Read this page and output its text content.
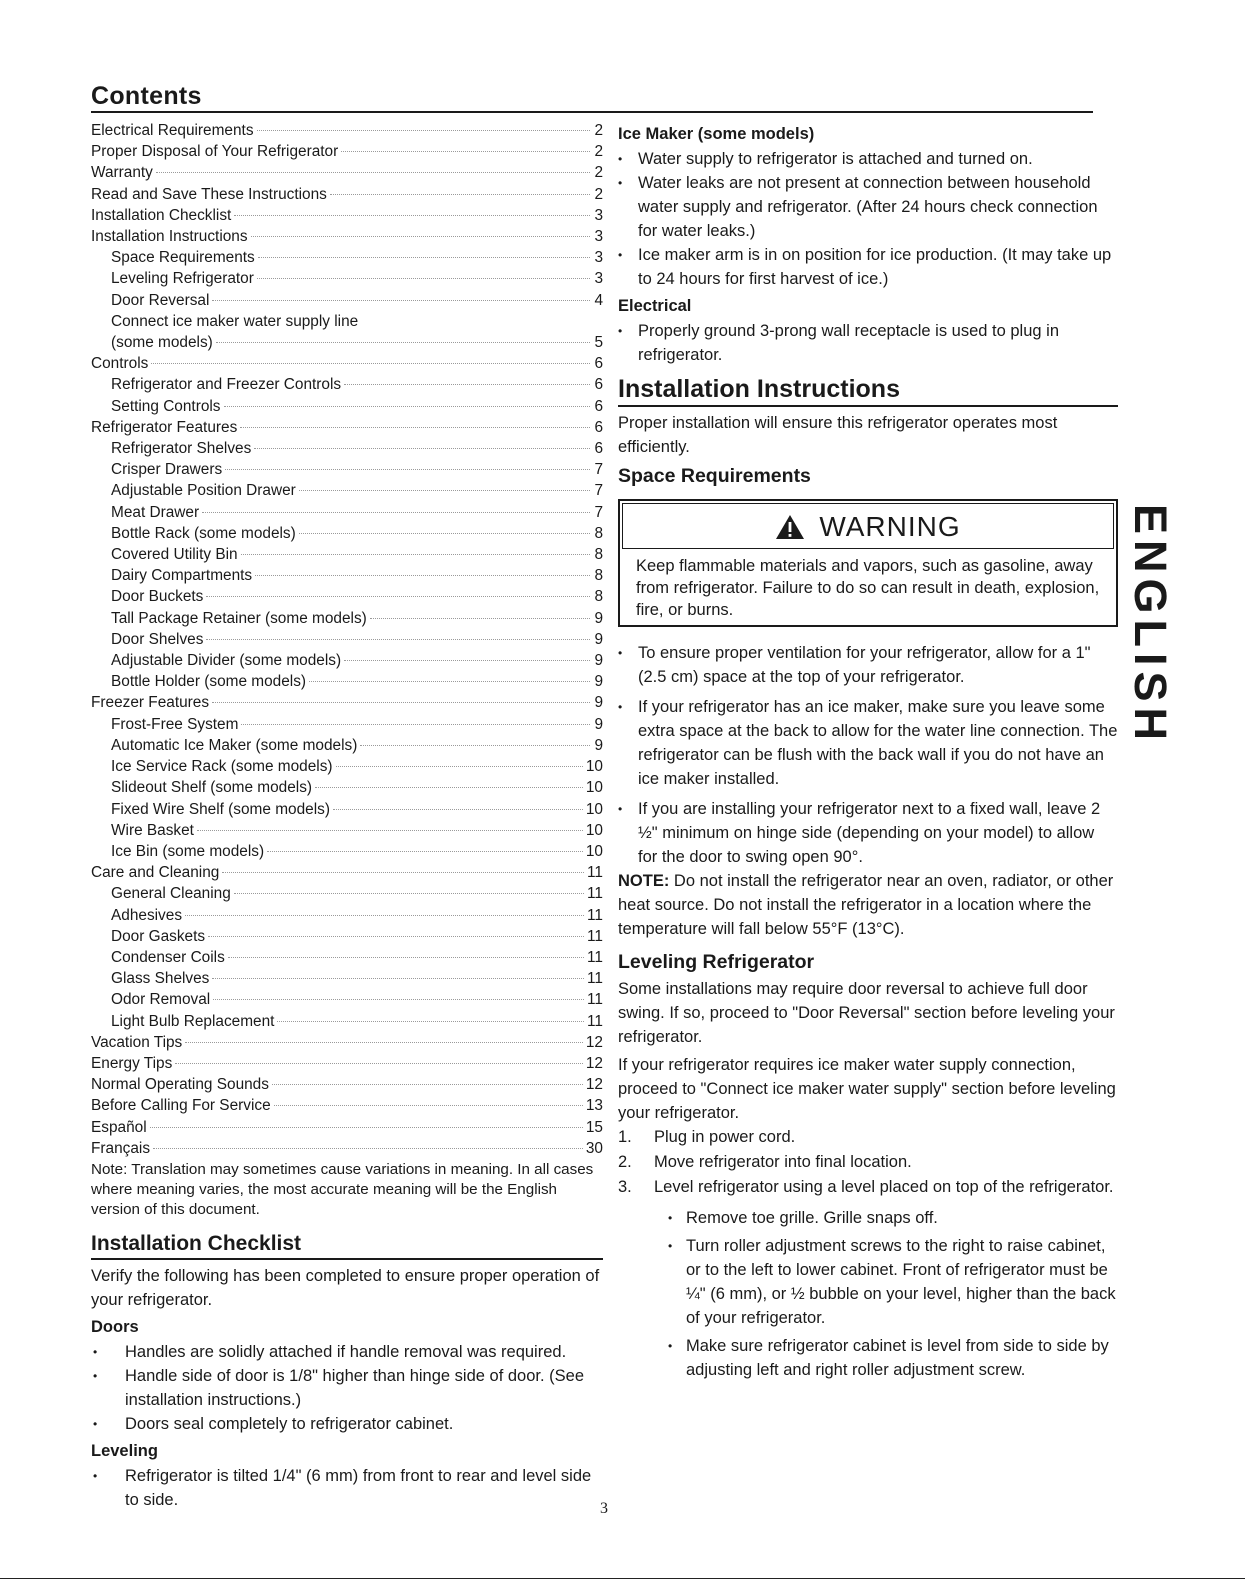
Contents
Electrical Requirements	2
Proper Disposal of Your Refrigerator	2
Warranty	2
Read and Save These Instructions	2
Installation Checklist	3
Installation Instructions	3
Space Requirements	3
Leveling Refrigerator	3
Door Reversal	4
Connect ice maker water supply line
(some models)	5
Controls	6
Refrigerator and Freezer Controls	6
Setting Controls	6
Refrigerator Features	6
Refrigerator Shelves	6
Crisper Drawers	7
Adjustable Position Drawer	7
Meat Drawer	7
Bottle Rack (some models)	8
Covered Utility Bin	8
Dairy Compartments	8
Door Buckets	8
Tall Package Retainer (some models)	9
Door Shelves	9
Adjustable Divider (some models)	9
Bottle Holder (some models)	9
Freezer Features	9
Frost-Free System	9
Automatic Ice Maker (some models)	9
Ice Service Rack (some models)	10
Slideout Shelf (some models)	10
Fixed Wire Shelf (some models)	10
Wire Basket	10
Ice Bin (some models)	10
Care and Cleaning	11
General Cleaning	11
Adhesives	11
Door Gaskets	11
Condenser Coils	11
Glass Shelves	11
Odor Removal	11
Light Bulb Replacement	11
Vacation Tips	12
Energy Tips	12
Normal Operating Sounds	12
Before Calling For Service	13
Español	15
Français	30
Note: Translation may sometimes cause variations in meaning. In all cases where meaning varies, the most accurate meaning will be the English version of this document.
Installation Checklist

Verify the following has been completed to ensure proper operation of your refrigerator.

Doors
• Handles are solidly attached if handle removal was required.
• Handle side of door is 1/8" higher than hinge side of door. (See installation instructions.)
• Doors seal completely to refrigerator cabinet.
Leveling
• Refrigerator is tilted 1/4" (6 mm) from front to rear and level side to side.
Ice Maker (some models)
• Water supply to refrigerator is attached and turned on.
• Water leaks are not present at connection between household water supply and refrigerator. (After 24 hours check connection for water leaks.)
• Ice maker arm is in on position for ice production. (It may take up to 24 hours for first harvest of ice.)
Electrical
• Properly ground 3-prong wall receptacle is used to plug in refrigerator.
Installation Instructions

Proper installation will ensure this refrigerator operates most efficiently.

Space Requirements
WARNING
Keep flammable materials and vapors, such as gasoline, away from refrigerator. Failure to do so can result in death, explosion, fire, or burns.
• To ensure proper ventilation for your refrigerator, allow for a 1"(2.5 cm) space at the top of your refrigerator.
• If your refrigerator has an ice maker, make sure you leave some extra space at the back to allow for the water line connection. The refrigerator can be flush with the back wall if you do not have an ice maker installed.
• If you are installing your refrigerator next to a fixed wall, leave 2 ½" minimum on hinge side (depending on your model) to allow for the door to swing open 90°.

NOTE: Do not install the refrigerator near an oven, radiator, or other heat source. Do not install the refrigerator in a location where the temperature will fall below 55°F (13°C).

Leveling Refrigerator

Some installations may require door reversal to achieve full door swing. If so, proceed to "Door Reversal" section before leveling your refrigerator.

If your refrigerator requires ice maker water supply connection, proceed to "Connect ice maker water supply" section before leveling your refrigerator.

1. Plug in power cord.
2. Move refrigerator into final location.
3. Level refrigerator using a level placed on top of the refrigerator.
• Remove toe grille. Grille snaps off.
• Turn roller adjustment screws to the right to raise cabinet, or to the left to lower cabinet. Front of refrigerator must be ¼" (6 mm), or ½ bubble on your level, higher than the back of your refrigerator.
• Make sure refrigerator cabinet is level from side to side by adjusting left and right roller adjustment screw.
ENGLISH
3
